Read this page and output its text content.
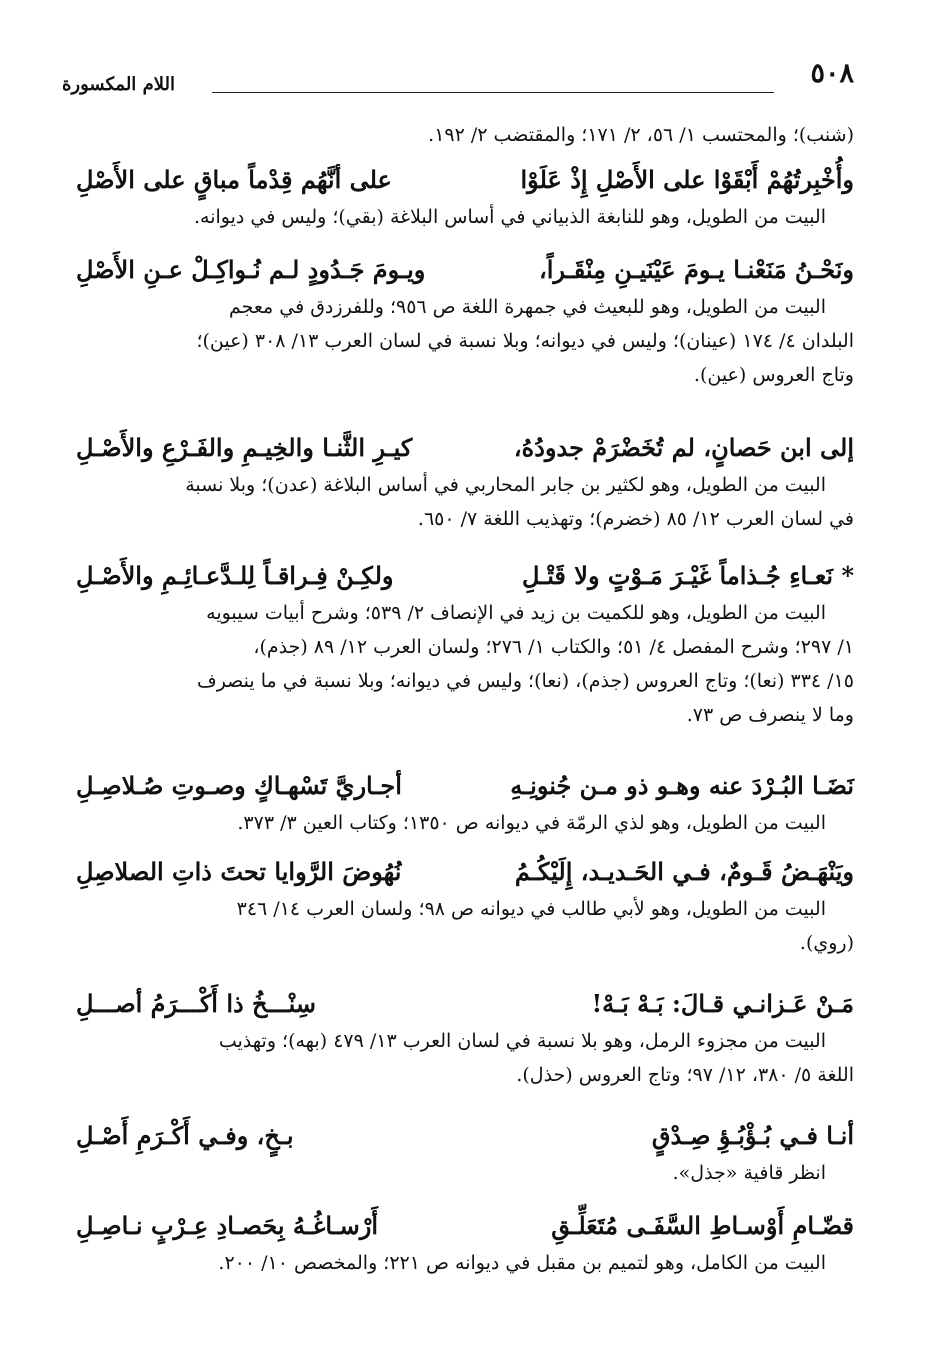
٥٠٨
اللام المكسورة
(شنب)؛ والمحتسب ١/ ٥٦، ٢/ ١٧١؛ والمقتضب ٢/ ١٩٢.
وأُخْبِرتُهُمْ أَبْقَوْا على الأَصْلِ إِذْ عَلَوْا
على أنَّهُم قِدْماً مباقٍ على الأَصْلِ
البيت من الطويل، وهو للنابغة الذبياني في أساس البلاغة (بقي)؛ وليس في ديوانه.
ونَحْـنُ مَنَعْنـا يـومَ عَيْنَيـنِ مِنْقَـراً،
ويـومَ جَـدُودٍ لـم نُـواكِـلْ عـنِ الأَصْلِ
البيت من الطويل، وهو للبعيث في جمهرة اللغة ص ٩٥٦؛ وللفرزدق في معجم
البلدان ٤/ ١٧٤ (عينان)؛ وليس في ديوانه؛ وبلا نسبة في لسان العرب ١٣/ ٣٠٨ (عين)؛
وتاج العروس (عين).
إلى ابن حَصانٍ، لم تُخَضْرَمْ جدودُهُ،
كيـرِ الثَّنـا والخِيـمِ والفَـرْعِ والأَصْـلِ
البيت من الطويل، وهو لكثير بن جابر المحاربي في أساس البلاغة (عدن)؛ وبلا نسبة
في لسان العرب ١٢/ ٨٥ (خضرم)؛ وتهذيب اللغة ٧/ ٦٥٠.
* نَعـاءِ جُـذاماً غَيْـرَ مَـوْتٍ ولا قَتْـلِ
ولكِـنْ فِـراقـاً لِلـدَّعـائِـمِ والأَصْـلِ
البيت من الطويل، وهو للكميت بن زيد في الإنصاف ٢/ ٥٣٩؛ وشرح أبيات سيبويه
١/ ٢٩٧؛ وشرح المفصل ٤/ ٥١؛ والكتاب ١/ ٢٧٦؛ ولسان العرب ١٢/ ٨٩ (جذم)،
١٥/ ٣٣٤ (نعا)؛ وتاج العروس (جذم)، (نعا)؛ وليس في ديوانه؛ وبلا نسبة في ما ينصرف
وما لا ينصرف ص ٧٣.
نَضَـا البُـرْدَ عنه وهـو ذو مـن جُنونِـهِ
أجـاريَّ تَسْهـاكٍ وصـوتِ صُـلاصِـلِ
البيت من الطويل، وهو لذي الرمّة في ديوانه ص ١٣٥٠؛ وكتاب العين ٣/ ٣٧٣.
ويَنْهَـضُ قَـومٌ، فـي الحَـديـد، إِلَيْكُـمُ
نُهُوضَ الرَّوايا تحتَ ذاتِ الصلاصِلِ
البيت من الطويل، وهو لأبي طالب في ديوانه ص ٩٨؛ ولسان العرب ١٤/ ٣٤٦
(روي).
مَـنْ عَـزانـي قـالَ: بَـهْ بَـهْ!
سِنْـــخُ ذا أَكْـــرَمُ أصـــلِ
البيت من مجزوء الرمل، وهو بلا نسبة في لسان العرب ١٣/ ٤٧٩ (بهه)؛ وتهذيب
اللغة ٥/ ٣٨٠، ١٢/ ٩٧؛ وتاج العروس (حذل).
أنـا فـي بُـؤْبُـؤِ صِـدْقٍ
بـخٍ، وفـي أَكْـرَمِ أَصْـلِ
انظر قافية «جذل».
قضّـامِ أَوْسـاطِ السَّفَـى مُتَعَلِّـقِ
أَرْسـاغُـهُ بِحَصـادِ عِـرْبٍ نـاصِـلِ
البيت من الكامل، وهو لتميم بن مقبل في ديوانه ص ٢٢١؛ والمخصص ١٠/ ٢٠٠.
